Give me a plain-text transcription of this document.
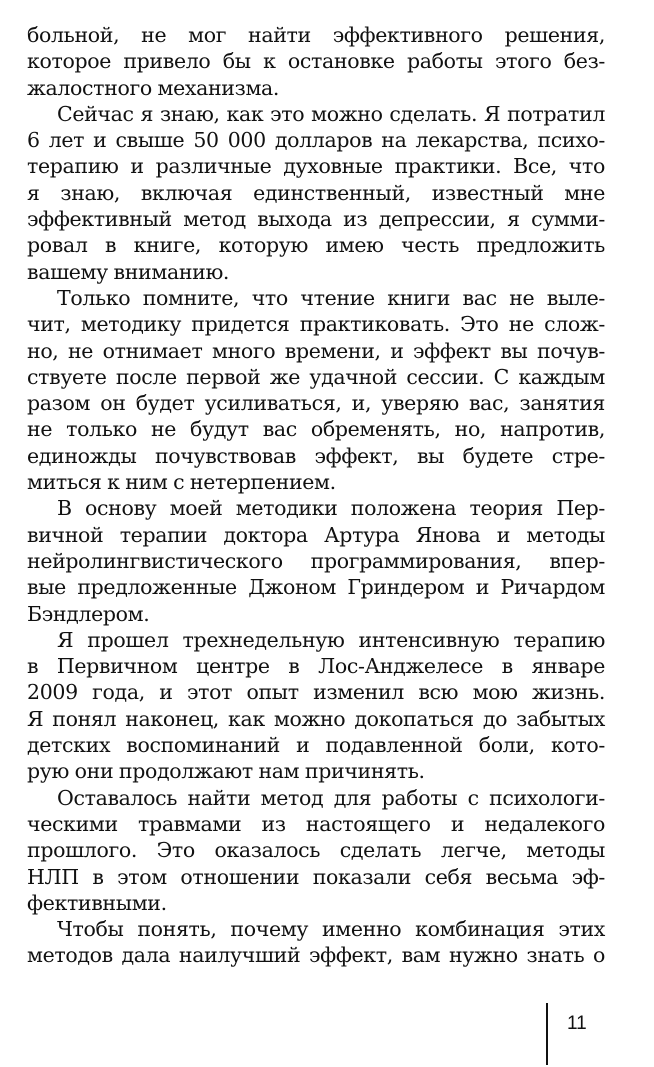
больной, не мог найти эффективного решения,
которое привело бы к остановке работы этого без-
жалостного механизма.
Сейчас я знаю, как это можно сделать. Я потратил
6 лет и свыше 50 000 долларов на лекарства, психо-
терапию и различные духовные практики. Все, что
я знаю, включая единственный, известный мне
эффективный метод выхода из депрессии, я сумми-
ровал в книге, которую имею честь предложить
вашему вниманию.
Только помните, что чтение книги вас не выле-
чит, методику придется практиковать. Это не слож-
но, не отнимает много времени, и эффект вы почув-
ствуете после первой же удачной сессии. С каждым
разом он будет усиливаться, и, уверяю вас, занятия
не только не будут вас обременять, но, напротив,
единожды почувствовав эффект, вы будете стре-
миться к ним с нетерпением.
В основу моей методики положена теория Пер-
вичной терапии доктора Артура Янова и методы
нейролингвистического программирования, впер-
вые предложенные Джоном Гриндером и Ричардом
Бэндлером.
Я прошел трехнедельную интенсивную терапию
в Первичном центре в Лос-Анджелесе в январе
2009 года, и этот опыт изменил всю мою жизнь.
Я понял наконец, как можно докопаться до забытых
детских воспоминаний и подавленной боли, кото-
рую они продолжают нам причинять.
Оставалось найти метод для работы с психологи-
ческими травмами из настоящего и недалекого
прошлого. Это оказалось сделать легче, методы
НЛП в этом отношении показали себя весьма эф-
фективными.
Чтобы понять, почему именно комбинация этих
методов дала наилучший эффект, вам нужно знать о
11
